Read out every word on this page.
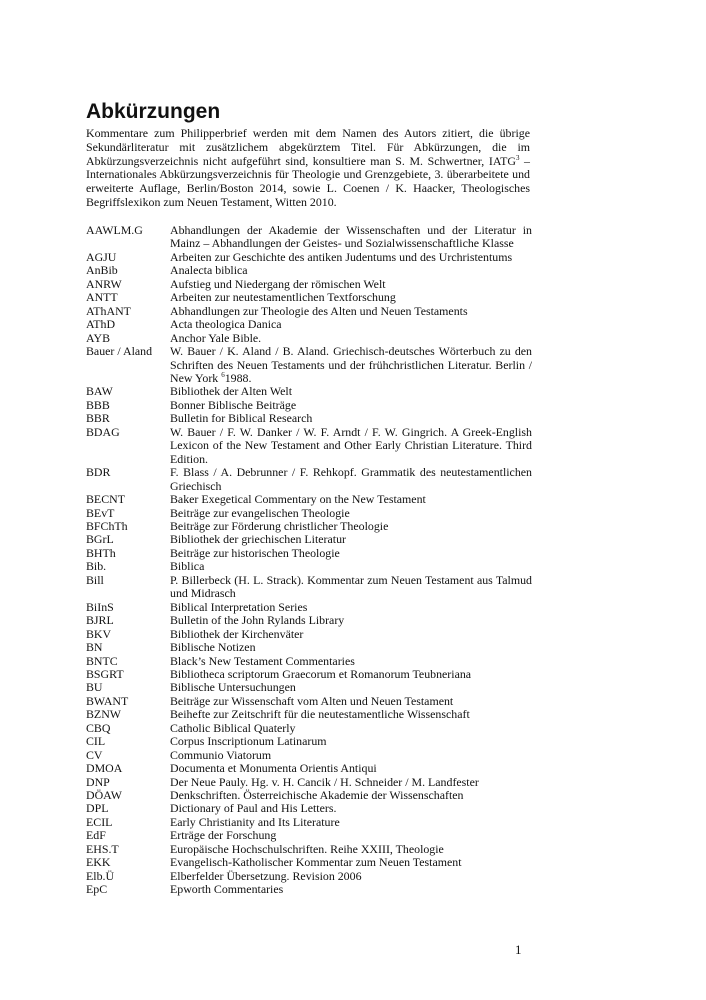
Abkürzungen

Kommentare zum Philipperbrief werden mit dem Namen des Autors zitiert, die übrige Sekundärliteratur mit zusätzlichem abgekürztem Titel. Für Abkürzungen, die im Abkürzungsverzeichnis nicht aufgeführt sind, konsultiere man S. M. Schwertner, IATG$^3$ – Internationales Abkürzungsverzeichnis für Theologie und Grenzgebiete, 3. überarbeitete und erweiterte Auflage, Berlin/Boston 2014, sowie L. Coenen / K. Haacker, Theologisches Begriffslexikon zum Neuen Testament, Witten 2010.

AAWLM.G	Abhandlungen der Akademie der Wissenschaften und der Literatur in Mainz – Abhandlungen der Geistes- und Sozialwissenschaftliche Klasse
AGJU	Arbeiten zur Geschichte des antiken Judentums und des Urchristentums
AnBib	Analecta biblica
ANRW	Aufstieg und Niedergang der römischen Welt
ANTT	Arbeiten zur neutestamentlichen Textforschung
AThANT	Abhandlungen zur Theologie des Alten und Neuen Testaments
AThD	Acta theologica Danica
AYB	Anchor Yale Bible.
Bauer / Aland	W. Bauer / K. Aland / B. Aland. Griechisch-deutsches Wörterbuch zu den Schriften des Neuen Testaments und der frühchristlichen Literatur. Berlin / New York $^6$1988.
BAW	Bibliothek der Alten Welt
BBB	Bonner Biblische Beiträge
BBR	Bulletin for Biblical Research
BDAG	W. Bauer / F. W. Danker / W. F. Arndt / F. W. Gingrich. A Greek-English Lexicon of the New Testament and Other Early Christian Literature. Third Edition.
BDR	F. Blass / A. Debrunner / F. Rehkopf. Grammatik des neutestamentlichen Griechisch
BECNT	Baker Exegetical Commentary on the New Testament
BEvT	Beiträge zur evangelischen Theologie
BFChTh	Beiträge zur Förderung christlicher Theologie
BGrL	Bibliothek der griechischen Literatur
BHTh	Beiträge zur historischen Theologie
Bib.	Biblica
Bill	P. Billerbeck (H. L. Strack). Kommentar zum Neuen Testament aus Talmud und Midrasch
BiInS	Biblical Interpretation Series
BJRL	Bulletin of the John Rylands Library
BKV	Bibliothek der Kirchenväter
BN	Biblische Notizen
BNTC	Black’s New Testament Commentaries
BSGRT	Bibliotheca scriptorum Graecorum et Romanorum Teubneriana
BU	Biblische Untersuchungen
BWANT	Beiträge zur Wissenschaft vom Alten und Neuen Testament
BZNW	Beihefte zur Zeitschrift für die neutestamentliche Wissenschaft
CBQ	Catholic Biblical Quaterly
CIL	Corpus Inscriptionum Latinarum
CV	Communio Viatorum
DMOA	Documenta et Monumenta Orientis Antiqui
DNP	Der Neue Pauly. Hg. v. H. Cancik / H. Schneider / M. Landfester
DÖAW	Denkschriften. Österreichische Akademie der Wissenschaften
DPL	Dictionary of Paul and His Letters.
ECIL	Early Christianity and Its Literature
EdF	Erträge der Forschung
EHS.T	Europäische Hochschulschriften. Reihe XXIII, Theologie
EKK	Evangelisch-Katholischer Kommentar zum Neuen Testament
Elb.Ü	Elberfelder Übersetzung. Revision 2006
EpC	Epworth Commentaries
1
